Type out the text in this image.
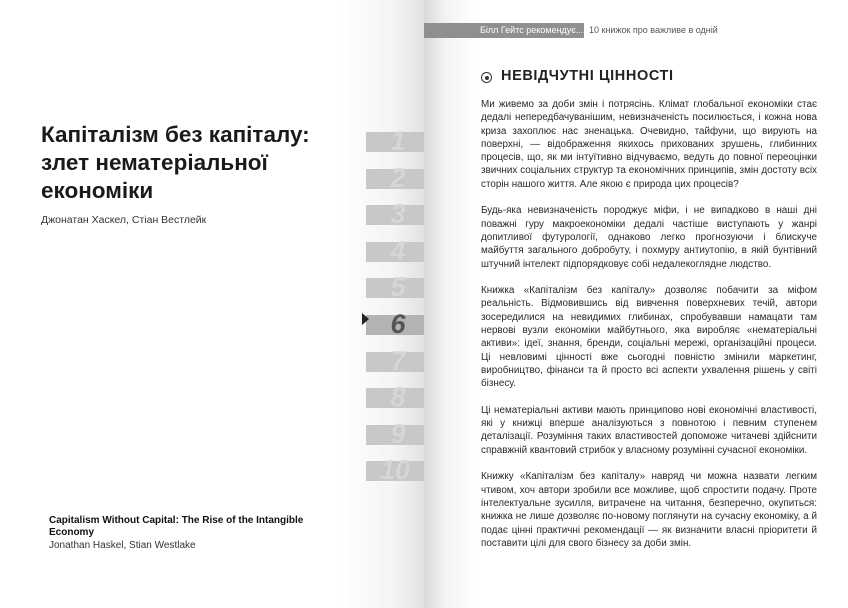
Капіталізм без капіталу: злет нематеріальної економіки
Джонатан Хаскел, Стіан Вестлейк
Capitalism Without Capital: The Rise of the Intangible Economy
Jonathan Haskel, Stian Westlake
1
2
3
4
5
6
7
8
9
10
Білл Гейтс рекомендує... 10 книжок про важливе в одній
НЕВІДЧУТНІ ЦІННОСТІ

Ми живемо за доби змін і потрясінь. Клімат глобальної економіки стає дедалі непередбачуванішим, невизначеність посилюється, і кожна нова криза захоплює нас зненацька. Очевидно, тайфуни, що вирують на поверхні, — відображення якихось прихованих зрушень, глибинних процесів, що, як ми інтуїтивно відчуваємо, ведуть до повної переоцінки звичних соціальних структур та економічних принципів, змін достоту всіх сторін нашого життя. Але якою є природа цих процесів?

Будь-яка невизначеність породжує міфи, і не випадково в наші дні поважні гуру макроекономіки дедалі частіше виступають у жанрі допитливої футурології, однаково легко прогнозуючи і блискуче майбуття загального добробуту, і похмуру антиутопію, в якій бунтівний штучний інтелект підпорядковує собі недалекоглядне людство.

Книжка «Капіталізм без капіталу» дозволяє побачити за міфом реальність. Відмовившись від вивчення поверхневих течій, автори зосередилися на невидимих глибинах, спробувавши намацати там нервові вузли економіки майбутнього, яка виробляє «нематеріальні активи»: ідеї, знання, бренди, соціальні мережі, організаційні процеси. Ці невловимі цінності вже сьогодні повністю змінили маркетинг, виробництво, фінанси та й просто всі аспекти ухвалення рішень у світі бізнесу.

Ці нематеріальні активи мають принципово нові економічні властивості, які у книжці вперше аналізуються з повнотою і певним ступенем деталізації. Розуміння таких властивостей допоможе читачеві здійснити справжній квантовий стрибок у власному розумінні сучасної економіки.

Книжку «Капіталізм без капіталу» навряд чи можна назвати легким чтивом, хоч автори зробили все можливе, щоб спростити подачу. Проте інтелектуальне зусилля, витрачене на читання, безперечно, окупиться: книжка не лише дозволяє по-новому поглянути на сучасну економіку, а й подає цінні практичні рекомендації — як визначити власні пріоритети й поставити цілі для свого бізнесу за доби змін.
